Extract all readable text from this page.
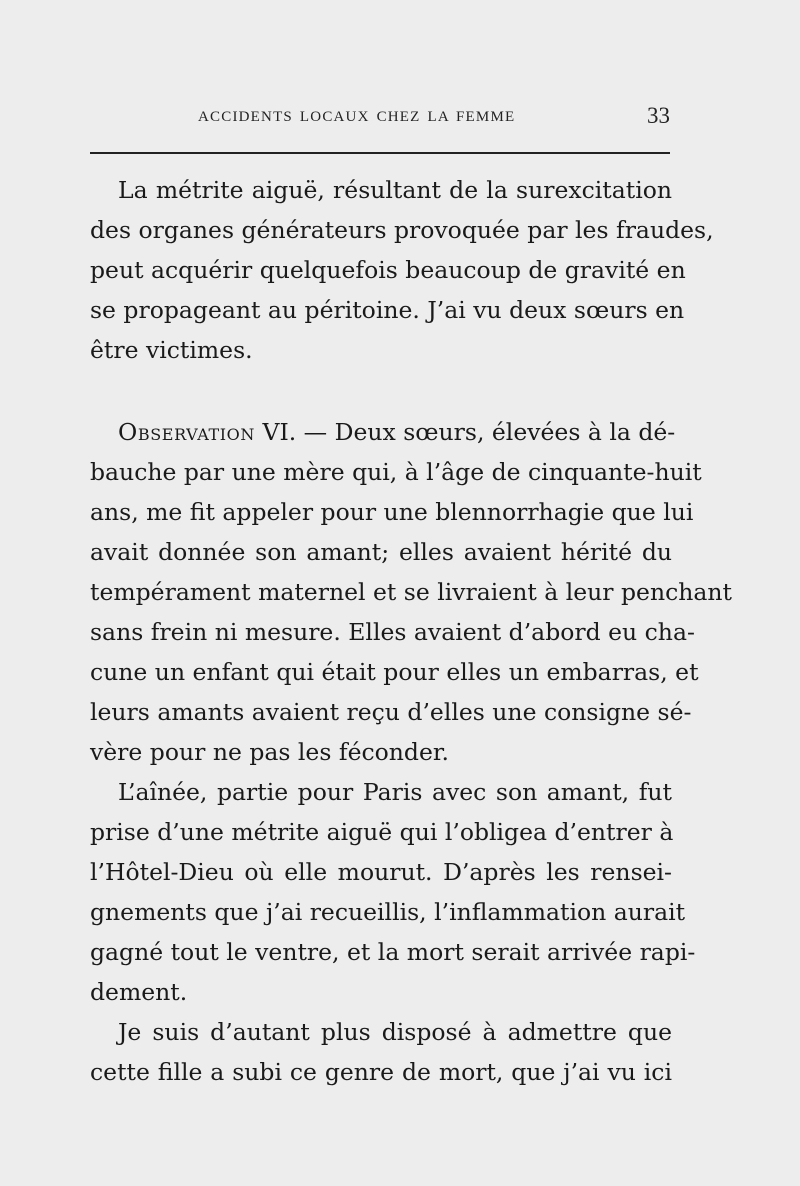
ACCIDENTS LOCAUX CHEZ LA FEMME	33
La métrite aiguë, résultant de la surexcitation
des organes générateurs provoquée par les fraudes,
peut acquérir quelquefois beaucoup de gravité en
se propageant au péritoine. J’ai vu deux sœurs en
être victimes.
Observation VI. — Deux sœurs, élevées à la dé-
bauche par une mère qui, à l’âge de cinquante-huit
ans, me fit appeler pour une blennorrhagie que lui
avait donnée son amant; elles avaient hérité du
tempérament maternel et se livraient à leur penchant
sans frein ni mesure. Elles avaient d’abord eu cha-
cune un enfant qui était pour elles un embarras, et
leurs amants avaient reçu d’elles une consigne sé-
vère pour ne pas les féconder.
L’aînée, partie pour Paris avec son amant, fut
prise d’une métrite aiguë qui l’obligea d’entrer à
l’Hôtel-Dieu où elle mourut. D’après les rensei-
gnements que j’ai recueillis, l’inflammation aurait
gagné tout le ventre, et la mort serait arrivée rapi-
dement.
Je suis d’autant plus disposé à admettre que
cette fille a subi ce genre de mort, que j’ai vu ici
